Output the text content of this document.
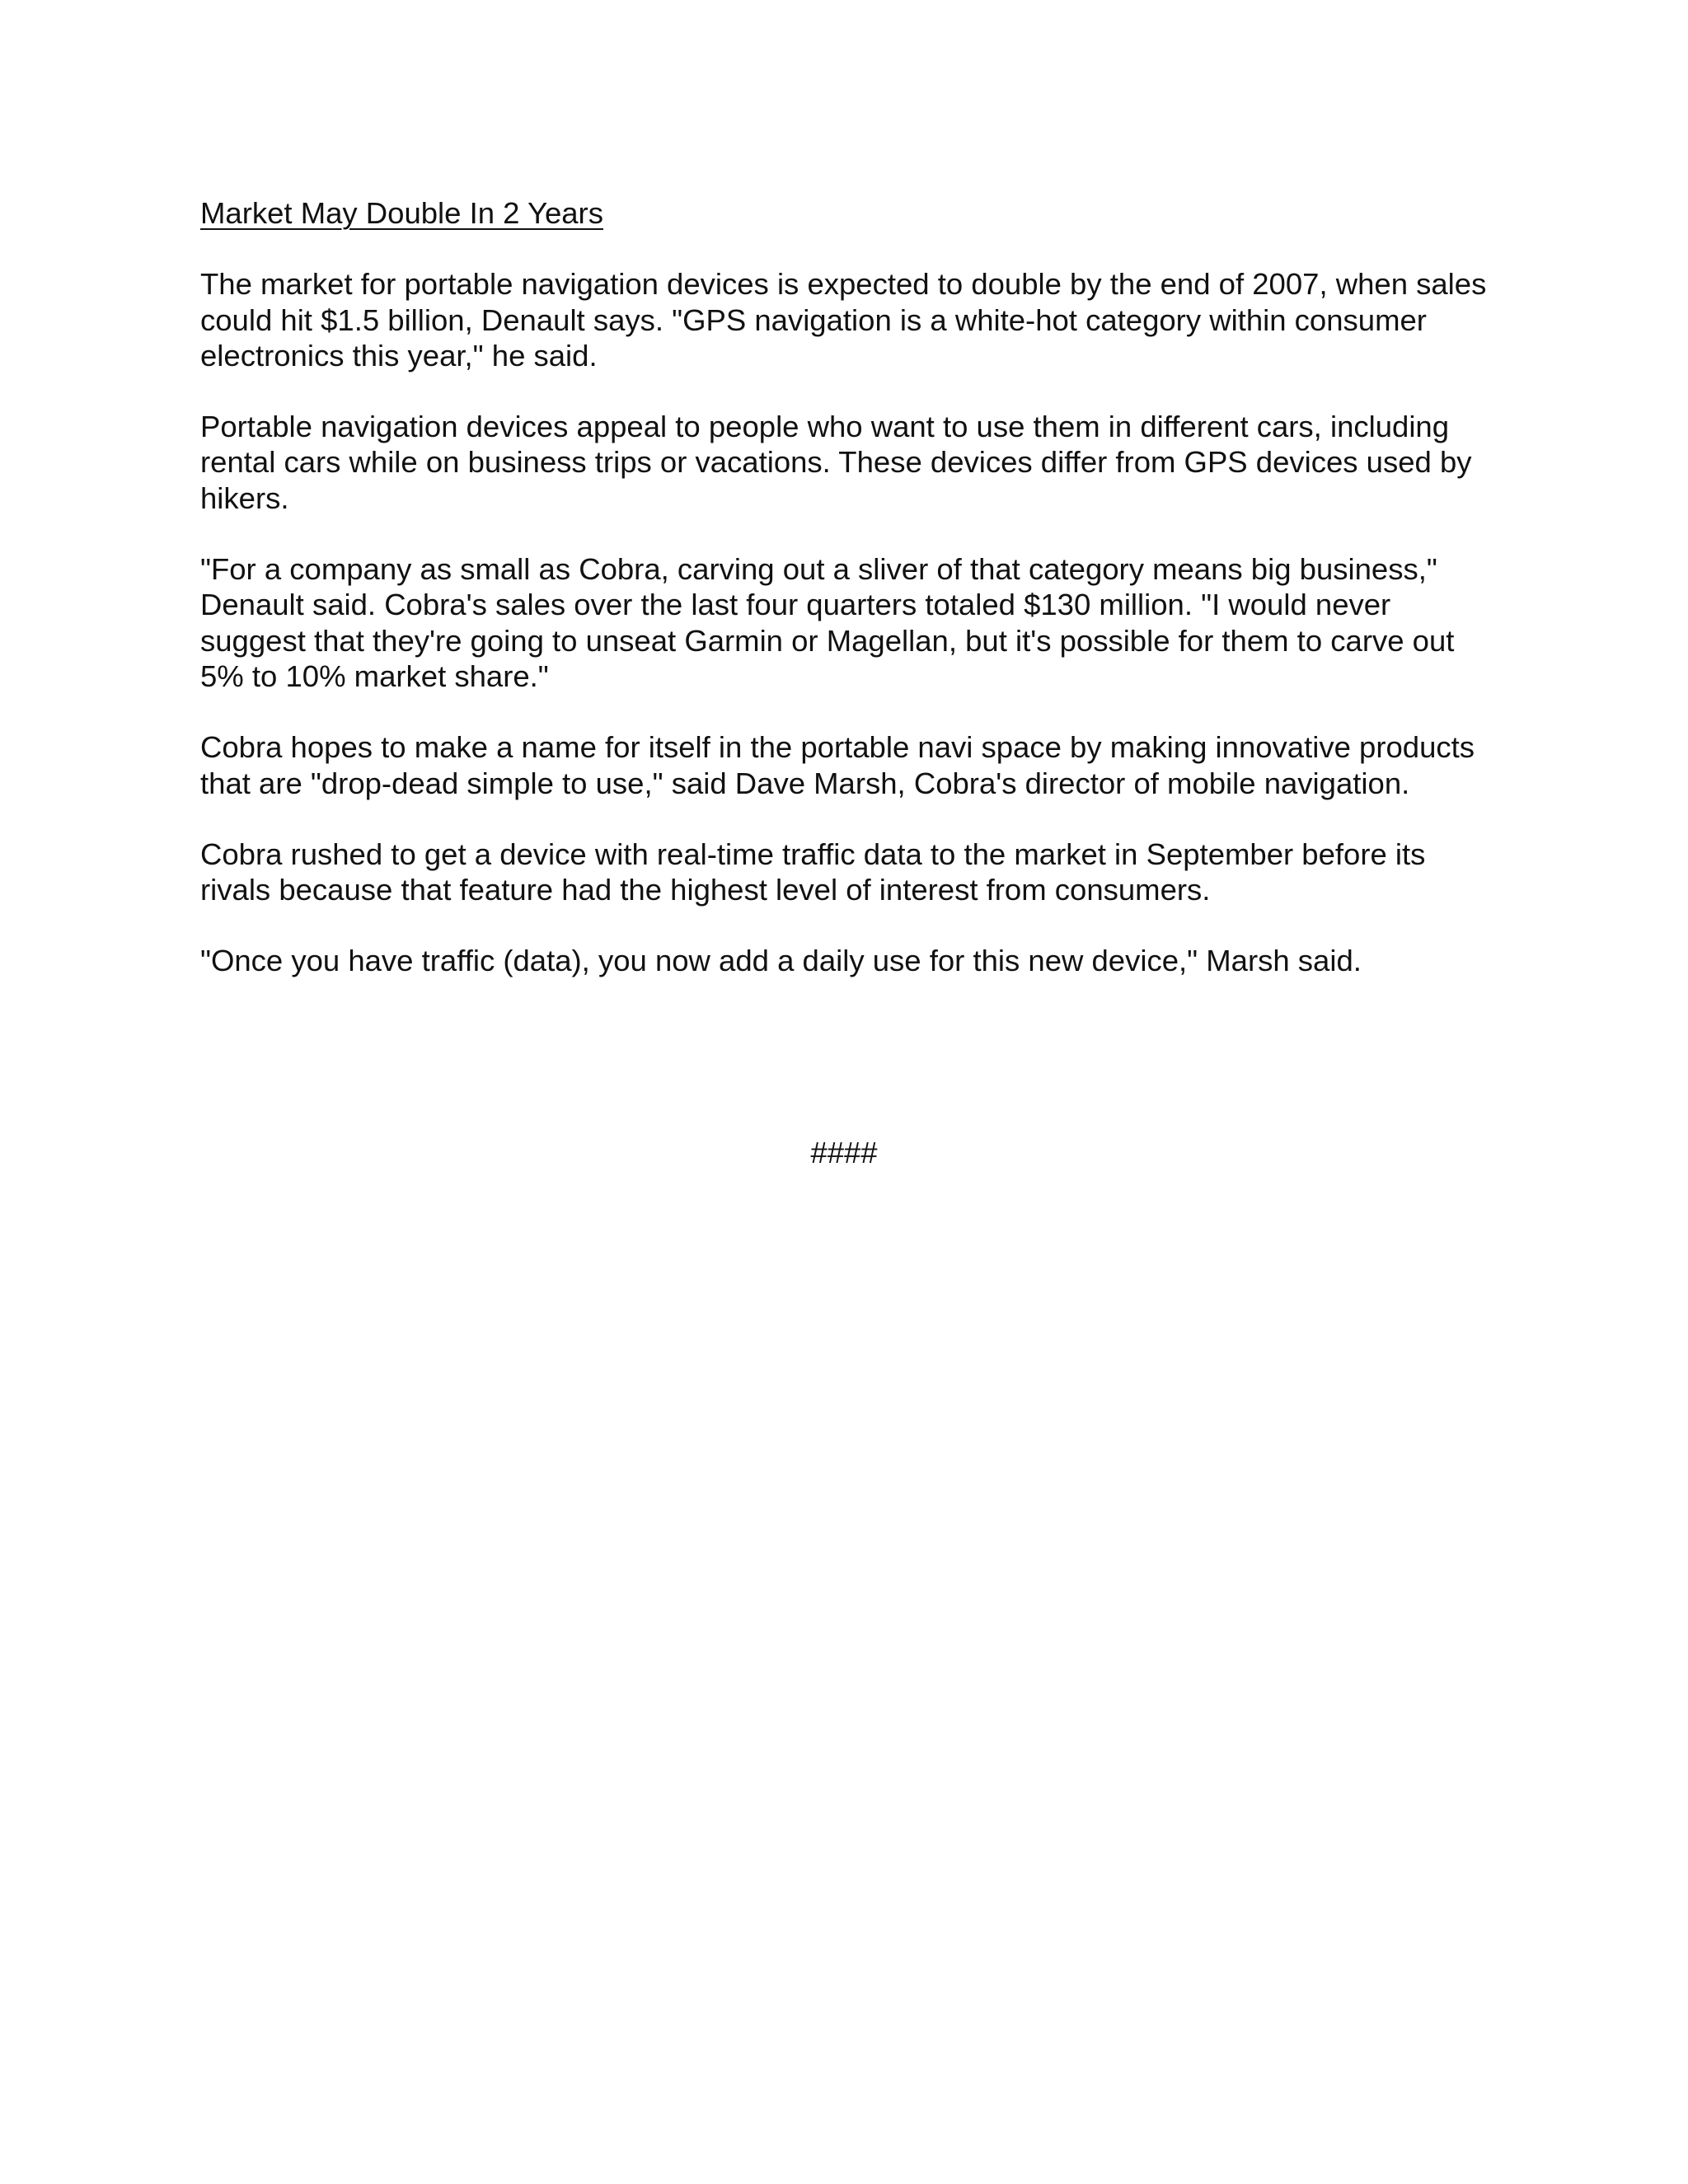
Market May Double In 2 Years

The market for portable navigation devices is expected to double by the end of 2007, when sales could hit $1.5 billion, Denault says. "GPS navigation is a white-hot category within consumer electronics this year," he said.

Portable navigation devices appeal to people who want to use them in different cars, including rental cars while on business trips or vacations. These devices differ from GPS devices used by hikers.

"For a company as small as Cobra, carving out a sliver of that category means big business," Denault said. Cobra's sales over the last four quarters totaled $130 million. "I would never suggest that they're going to unseat Garmin or Magellan, but it's possible for them to carve out 5% to 10% market share."

Cobra hopes to make a name for itself in the portable navi space by making innovative products that are "drop-dead simple to use," said Dave Marsh, Cobra's director of mobile navigation.

Cobra rushed to get a device with real-time traffic data to the market in September before its rivals because that feature had the highest level of interest from consumers.

"Once you have traffic (data), you now add a daily use for this new device," Marsh said.

####
